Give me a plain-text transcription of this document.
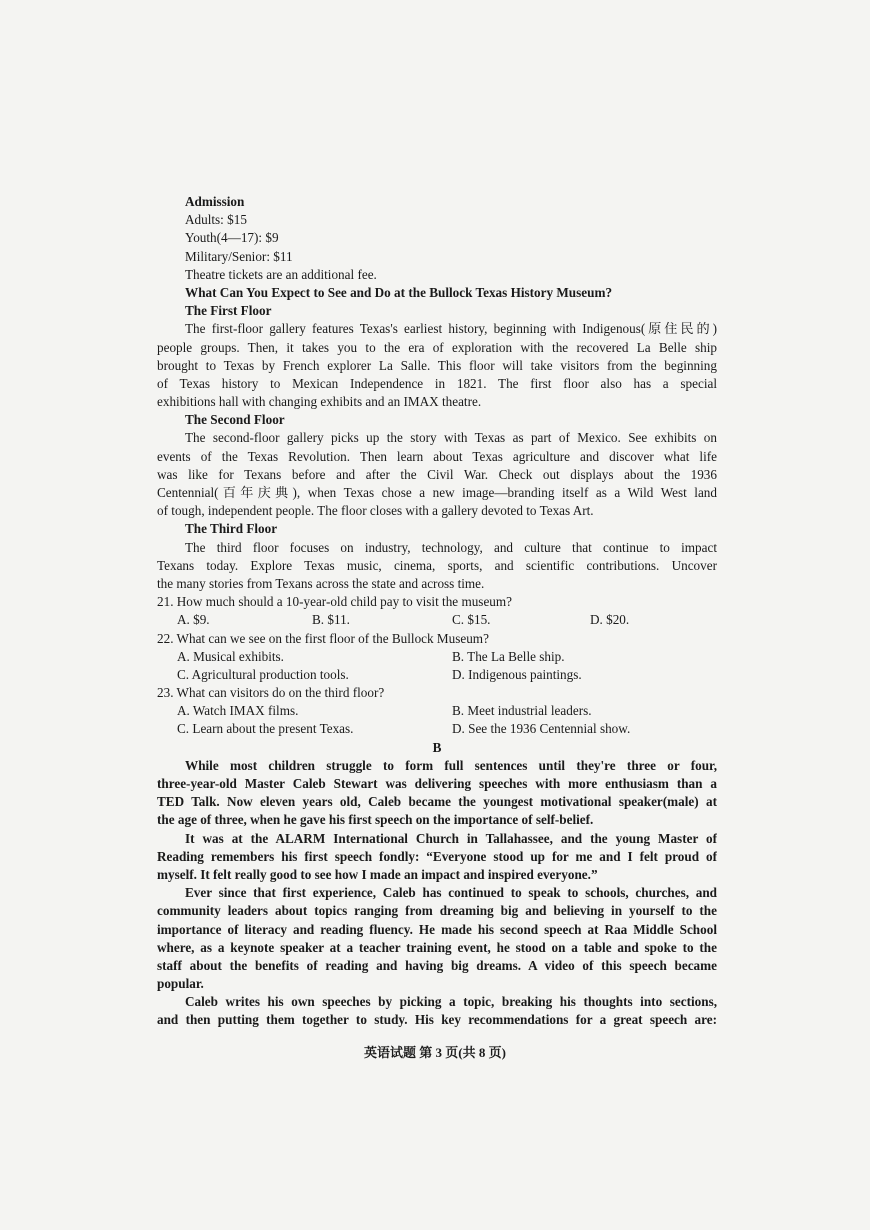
Admission
Adults: $15
Youth(4—17): $9
Military/Senior: $11
Theatre tickets are an additional fee.
What Can You Expect to See and Do at the Bullock Texas History Museum?
The First Floor
The first-floor gallery features Texas's earliest history, beginning with Indigenous(原住民的)
people groups. Then, it takes you to the era of exploration with the recovered La Belle ship
brought to Texas by French explorer La Salle. This floor will take visitors from the beginning
of Texas history to Mexican Independence in 1821. The first floor also has a special
exhibitions hall with changing exhibits and an IMAX theatre.
The Second Floor
The second-floor gallery picks up the story with Texas as part of Mexico. See exhibits on
events of the Texas Revolution. Then learn about Texas agriculture and discover what life
was like for Texans before and after the Civil War. Check out displays about the 1936
Centennial(百年庆典), when Texas chose a new image—branding itself as a Wild West land
of tough, independent people. The floor closes with a gallery devoted to Texas Art.
The Third Floor
The third floor focuses on industry, technology, and culture that continue to impact
Texans today. Explore Texas music, cinema, sports, and scientific contributions. Uncover
the many stories from Texans across the state and across time.
21. How much should a 10-year-old child pay to visit the museum?
A. $9.	B. $11.	C. $15.	D. $20.
22. What can we see on the first floor of the Bullock Museum?
A. Musical exhibits.	B. The La Belle ship.
C. Agricultural production tools.	D. Indigenous paintings.
23. What can visitors do on the third floor?
A. Watch IMAX films.	B. Meet industrial leaders.
C. Learn about the present Texas.	D. See the 1936 Centennial show.
B
While most children struggle to form full sentences until they're three or four,
three-year-old Master Caleb Stewart was delivering speeches with more enthusiasm than a
TED Talk. Now eleven years old, Caleb became the youngest motivational speaker(male) at
the age of three, when he gave his first speech on the importance of self-belief.
It was at the ALARM International Church in Tallahassee, and the young Master of
Reading remembers his first speech fondly: “Everyone stood up for me and I felt proud of
myself. It felt really good to see how I made an impact and inspired everyone.”
Ever since that first experience, Caleb has continued to speak to schools, churches, and
community leaders about topics ranging from dreaming big and believing in yourself to the
importance of literacy and reading fluency. He made his second speech at Raa Middle School
where, as a keynote speaker at a teacher training event, he stood on a table and spoke to the
staff about the benefits of reading and having big dreams. A video of this speech became
popular.
Caleb writes his own speeches by picking a topic, breaking his thoughts into sections,
and then putting them together to study. His key recommendations for a great speech are:
英语试题 第 3 页(共 8 页)
